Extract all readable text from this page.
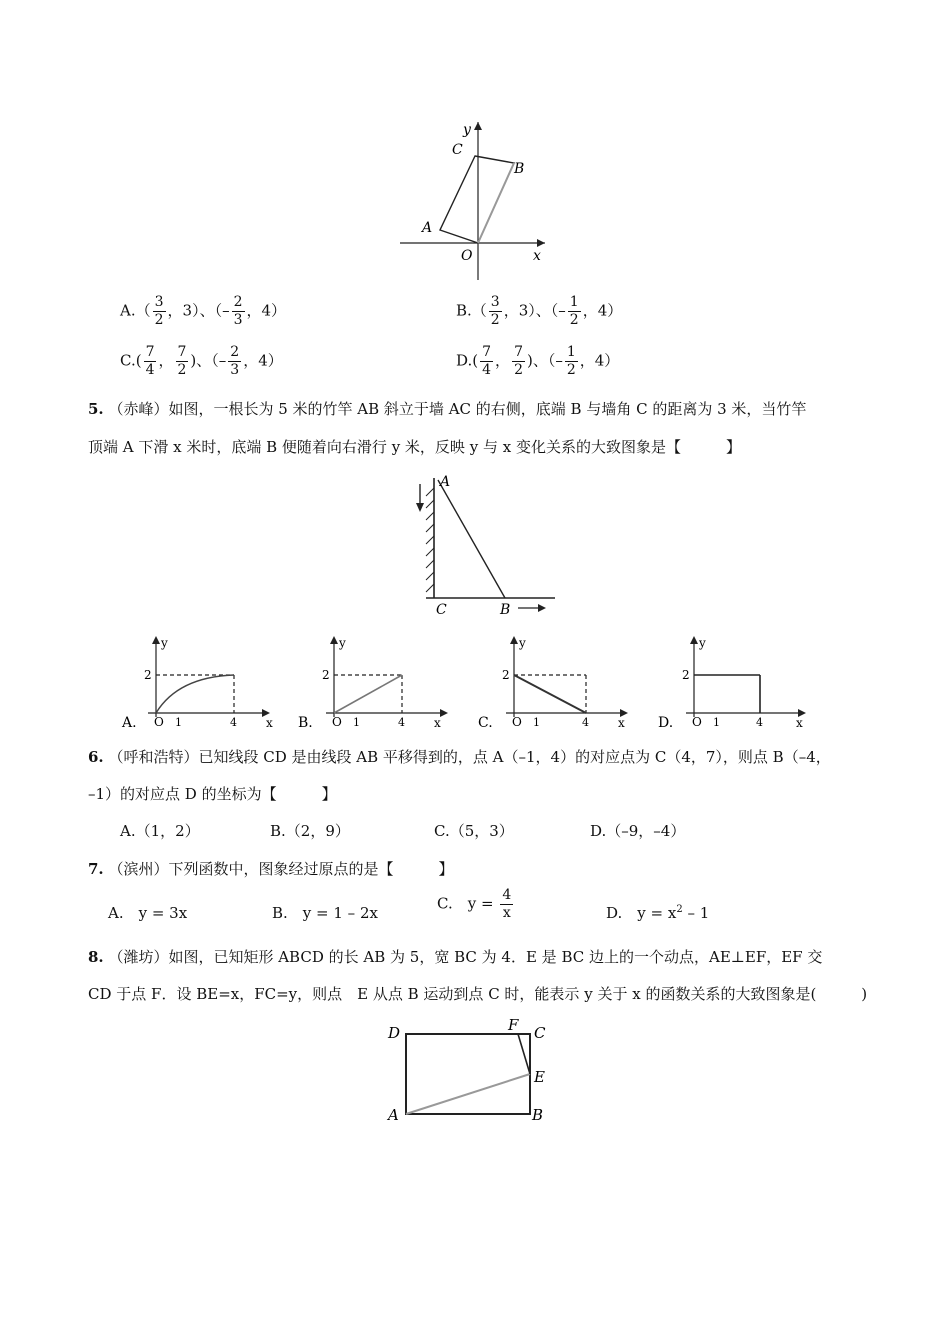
y
C
B
A
O	x
$A.( \frac{3}{2}$ ，3）、（– $\frac{2}{3}$ ，4）	$B.( \frac{3}{2}$ ，3）、（– $\frac{1}{2}$ ，4）
$C.( \frac{7}{4}$ ， $\frac{7}{2}$ )、（– $\frac{2}{3}$ ，4）	$D.( \frac{7}{4}$ ， $\frac{7}{2}$ )、（– $\frac{1}{2}$ ，4）
5. （赤峰）如图，一根长为 5 米的竹竿 AB 斜立于墙 AC 的右侧，底端 B 与墙角 C 的距离为 3 米，当竹竿
顶端 A 下滑 x 米时，底端 B 便随着向右滑行 y 米，反映 y 与 x 变化关系的大致图象是【　　　】
A
C	B
y
2
O 1	4 x
A.
y
2
O 1	4 x
B.
y
2
O 1	4 x
C.
y
2
O 1	4	x
D.
6. （呼和浩特）已知线段 CD 是由线段 AB 平移得到的，点 A（–1，4）的对应点为 C（4，7），则点 B（–4，
–1）的对应点 D 的坐标为【　　　】
A.（1，2）	B.（2，9）	C.（5，3）	D.（–9，–4）
7. （滨州）下列函数中，图象经过原点的是【　　　】
A.　y = 3x	B.　y = 1 – 2x
C.　$y = \frac{4}{x}$	D.　$y = x^2 - 1$
8. （潍坊）如图，已知矩形 ABCD 的长 AB 为 5，宽 BC 为 4．E 是 BC 边上的一个动点，AE⊥EF，EF 交
CD 于点 F．设 BE=x，FC=y，则点　E 从点 B 运动到点 C 时，能表示 y 关于 x 的函数关系的大致图象是(　　　)
D	F C
E
A	B
